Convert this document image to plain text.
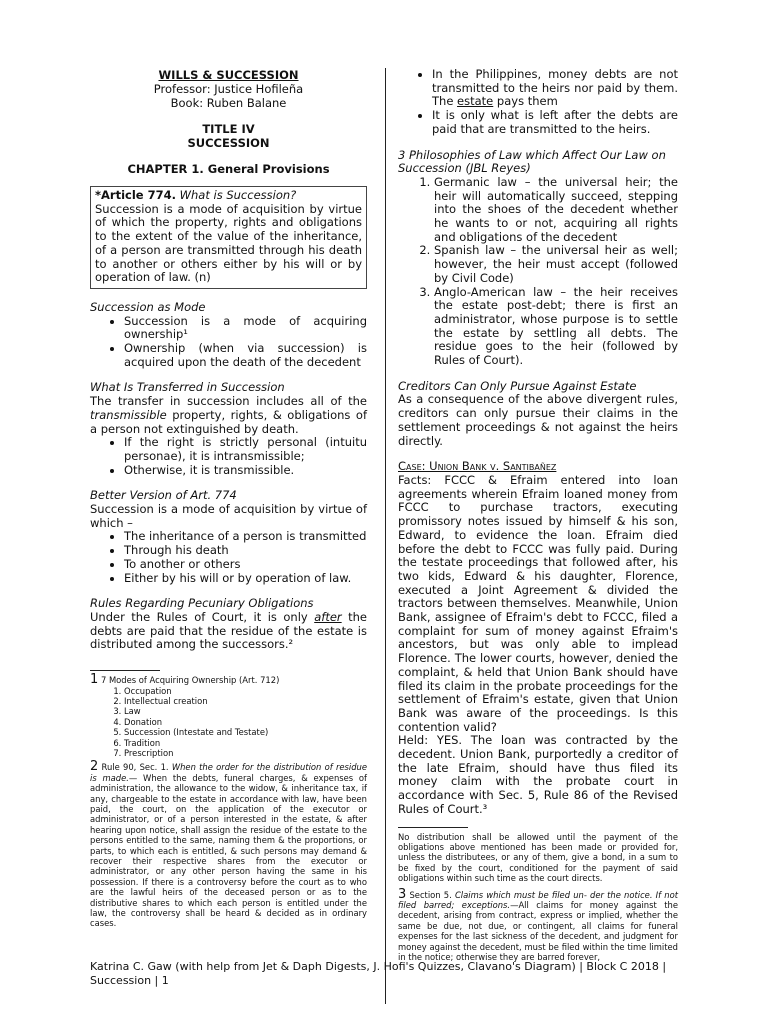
WILLS & SUCCESSION
Professor: Justice Hofileña
Book: Ruben Balane
TITLE IV
SUCCESSION
CHAPTER 1. General Provisions
*Article 774. What is Succession?
Succession is a mode of acquisition by virtue of which the property, rights and obligations to the extent of the value of the inheritance, of a person are transmitted through his death to another or others either by his will or by operation of law. (n)

Succession as Mode

• Succession is a mode of acquiring ownership¹
• Ownership (when via succession) is acquired upon the death of the decedent

What Is Transferred in Succession

The transfer in succession includes all of the transmissible property, rights, & obligations of a person not extinguished by death.

• If the right is strictly personal (intuitu personae), it is intransmissible;
• Otherwise, it is transmissible.

Better Version of Art. 774

Succession is a mode of acquisition by virtue of which –

• The inheritance of a person is transmitted
• Through his death
• To another or others
• Either by his will or by operation of law.

Rules Regarding Pecuniary Obligations

Under the Rules of Court, it is only after the debts are paid that the residue of the estate is distributed among the successors.²

1 7 Modes of Acquiring Ownership (Art. 712)
1. Occupation
2. Intellectual creation
3. Law
4. Donation
5. Succession (Intestate and Testate)
6. Tradition
7. Prescription
2 Rule 90, Sec. 1. When the order for the distribution of residue is made.— When the debts, funeral charges, & expenses of administration, the allowance to the widow, & inheritance tax, if any, chargeable to the estate in accordance with law, have been paid, the court, on the application of the executor or administrator, or of a person interested in the estate, & after hearing upon notice, shall assign the residue of the estate to the persons entitled to the same, naming them & the proportions, or parts, to which each is entitled, & such persons may demand & recover their respective shares from the executor or administrator, or any other person having the same in his possession. If there is a controversy before the court as to who are the lawful heirs of the deceased person or as to the distributive shares to which each person is entitled under the law, the controversy shall be heard & decided as in ordinary cases.
• In the Philippines, money debts are not transmitted to the heirs nor paid by them. The estate pays them
• It is only what is left after the debts are paid that are transmitted to the heirs.

3 Philosophies of Law which Affect Our Law on Succession (JBL Reyes)

1. Germanic law – the universal heir; the heir will automatically succeed, stepping into the shoes of the decedent whether he wants to or not, acquiring all rights and obligations of the decedent
2. Spanish law – the universal heir as well; however, the heir must accept (followed by Civil Code)
3. Anglo-American law – the heir receives the estate post-debt; there is first an administrator, whose purpose is to settle the estate by settling all debts. The residue goes to the heir (followed by Rules of Court).

Creditors Can Only Pursue Against Estate

As a consequence of the above divergent rules, creditors can only pursue their claims in the settlement proceedings & not against the heirs directly.

Case: Union Bank v. Santibañez

Facts: FCCC & Efraim entered into loan agreements wherein Efraim loaned money from FCCC to purchase tractors, executing promissory notes issued by himself & his son, Edward, to evidence the loan. Efraim died before the debt to FCCC was fully paid. During the testate proceedings that followed after, his two kids, Edward & his daughter, Florence, executed a Joint Agreement & divided the tractors between themselves. Meanwhile, Union Bank, assignee of Efraim's debt to FCCC, filed a complaint for sum of money against Efraim's ancestors, but was only able to implead Florence. The lower courts, however, denied the complaint, & held that Union Bank should have filed its claim in the probate proceedings for the settlement of Efraim's estate, given that Union Bank was aware of the proceedings. Is this contention valid?

Held: YES. The loan was contracted by the decedent. Union Bank, purportedly a creditor of the late Efraim, should have thus filed its money claim with the probate court in accordance with Sec. 5, Rule 86 of the Revised Rules of Court.³

No distribution shall be allowed until the payment of the obligations above mentioned has been made or provided for, unless the distributees, or any of them, give a bond, in a sum to be fixed by the court, conditioned for the payment of said obligations within such time as the court directs.
3 Section 5. Claims which must be filed un- der the notice. If not filed barred; exceptions.—All claims for money against the decedent, arising from contract, express or implied, whether the same be due, not due, or contingent, all claims for funeral expenses for the last sickness of the decedent, and judgment for money against the decedent, must be filed within the time limited in the notice; otherwise they are barred forever,
Katrina C. Gaw (with help from Jet & Daph Digests, J. Hofi's Quizzes, Clavano's Diagram) | Block C 2018 | Succession | 1
